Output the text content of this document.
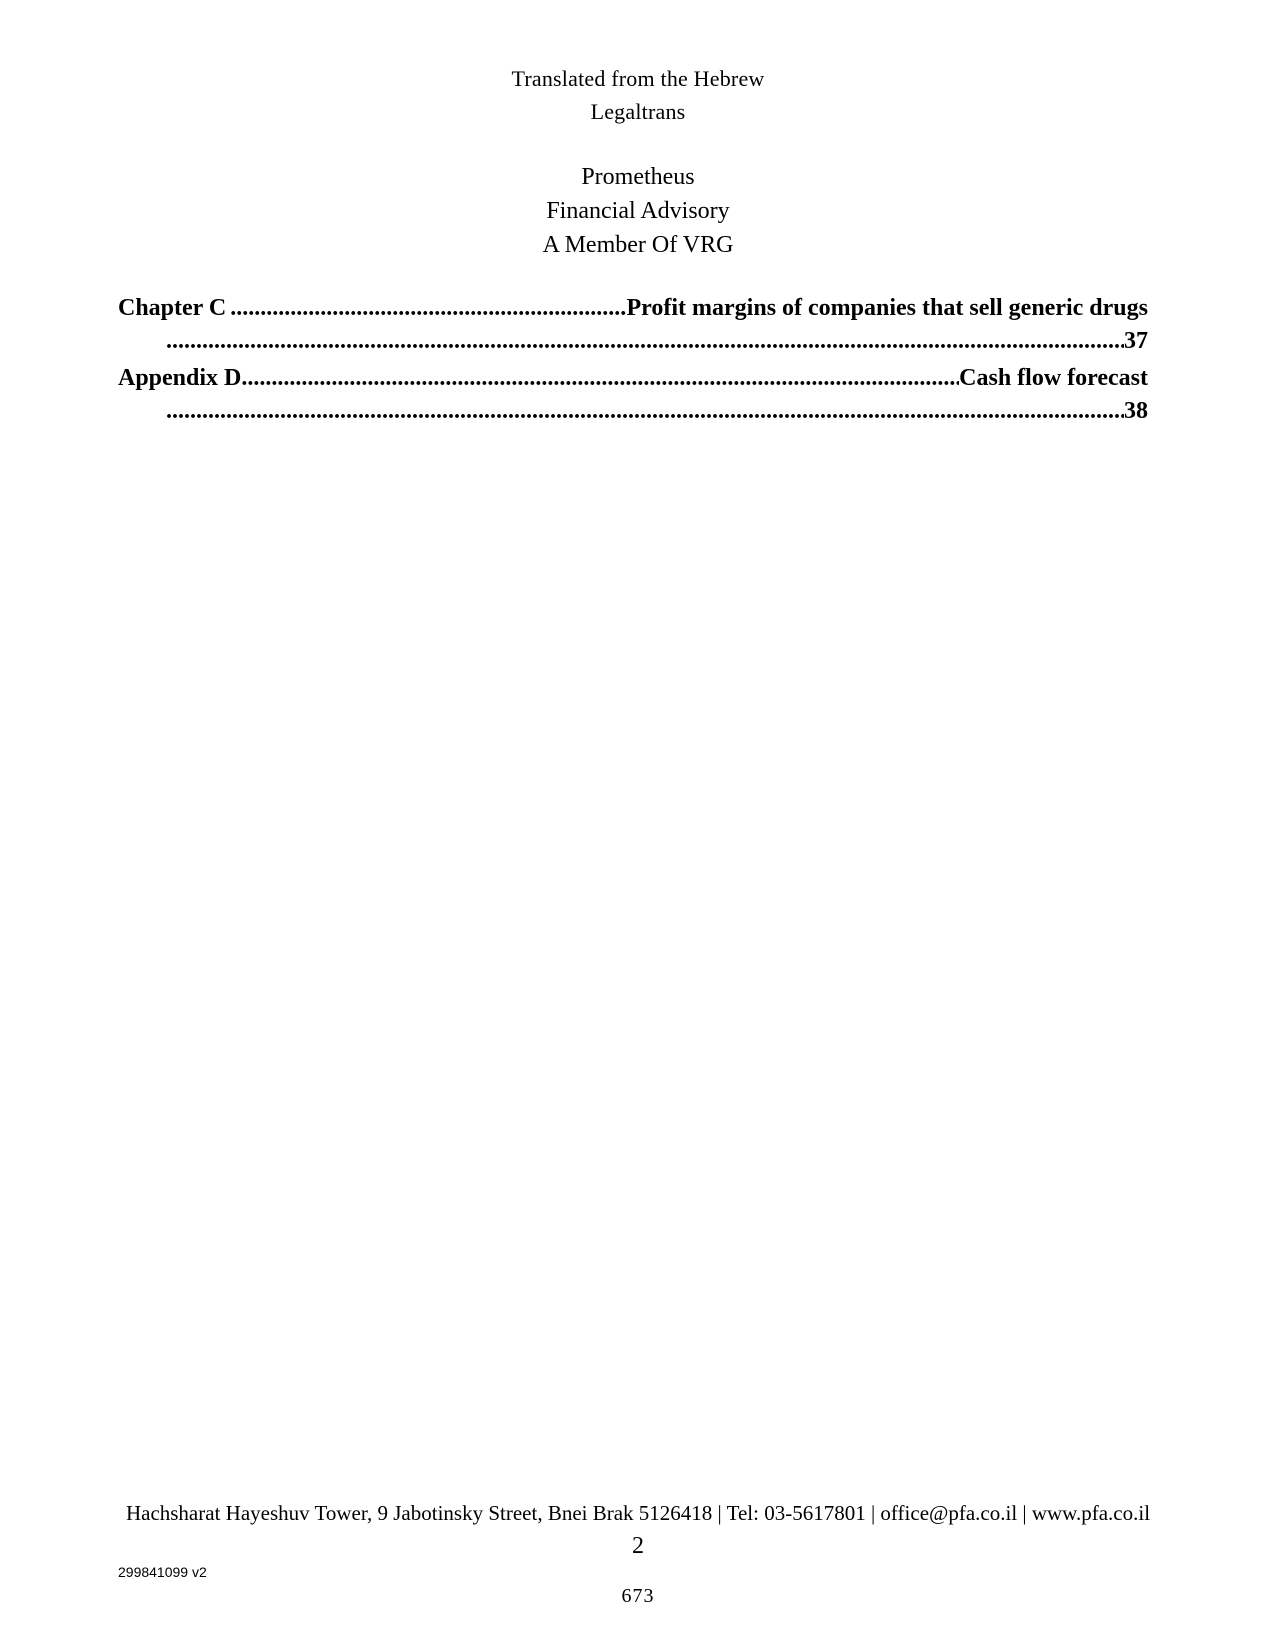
Translated from the Hebrew
Legaltrans
Prometheus
Financial Advisory
A Member Of VRG
Chapter C .....	Profit margins of companies that sell generic drugs
.....
37
Appendix D .....	Cash flow forecast
.....
38
Hachsharat Hayeshuv Tower, 9 Jabotinsky Street, Bnei Brak 5126418 | Tel: 03-5617801 | office@pfa.co.il | www.pfa.co.il
2
299841099 v2
673
